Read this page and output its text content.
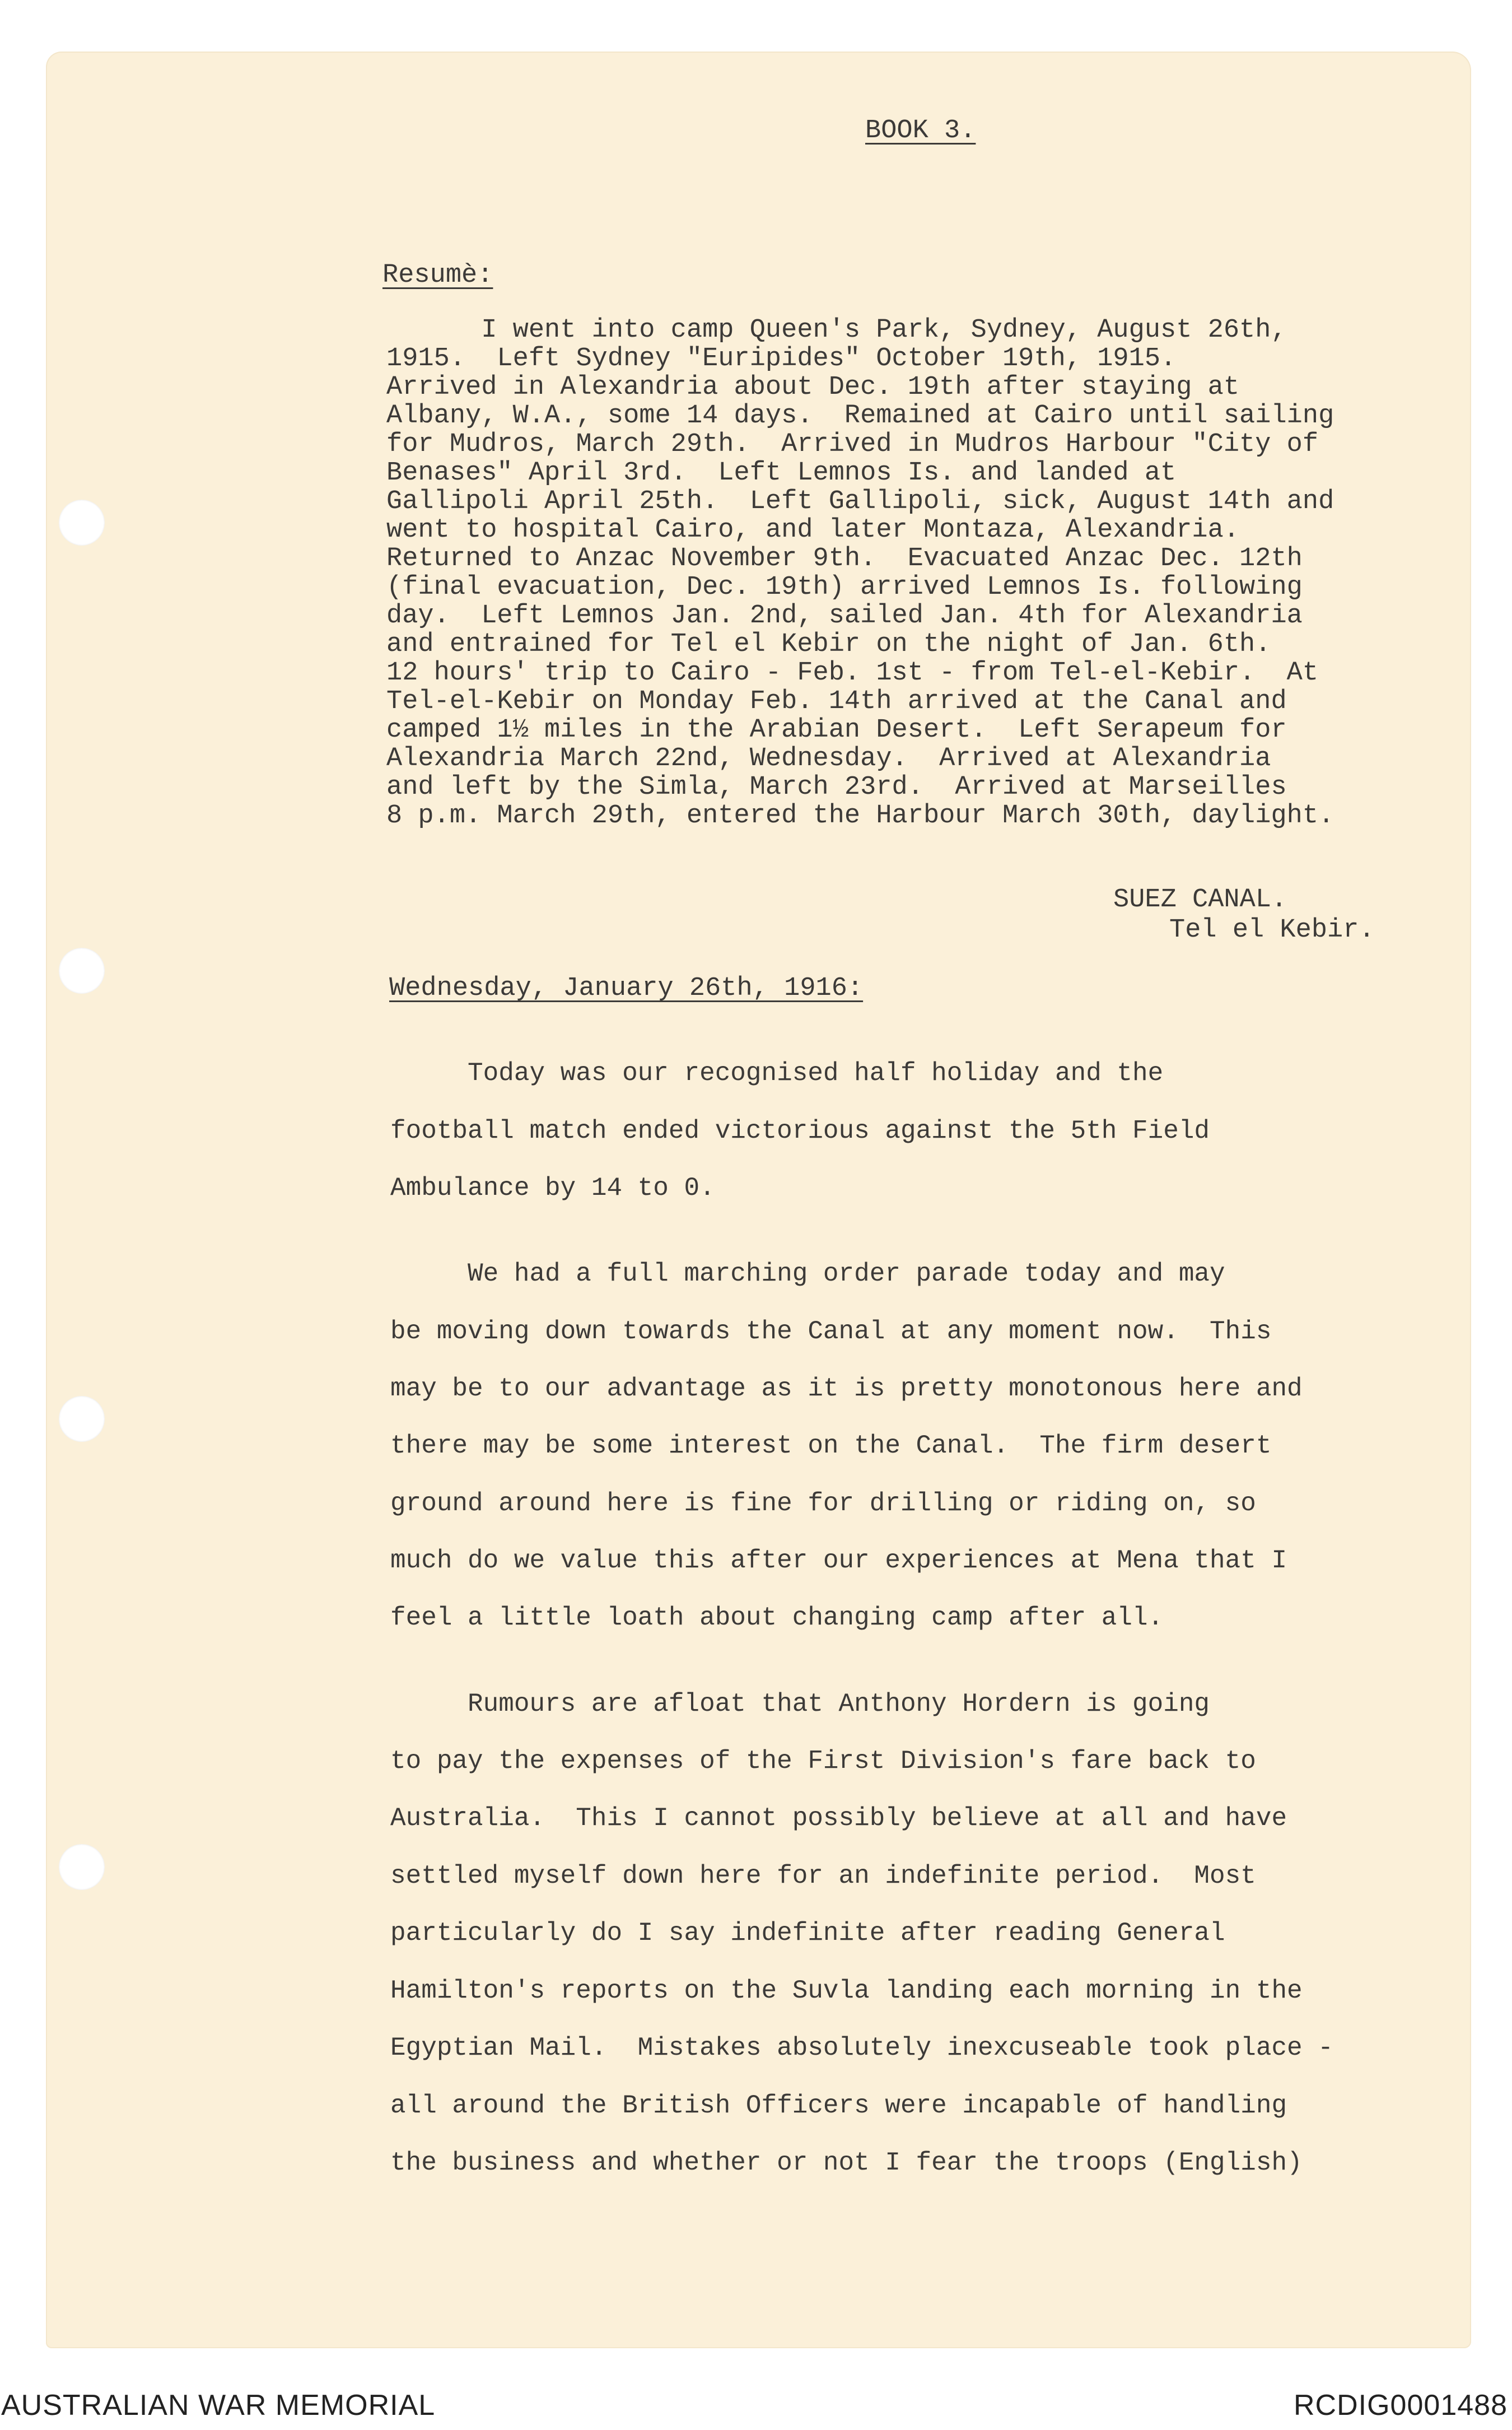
BOOK 3.
Resumè:
I went into camp Queen's Park, Sydney, August 26th,
1915.  Left Sydney "Euripides" October 19th, 1915.
Arrived in Alexandria about Dec. 19th after staying at
Albany, W.A., some 14 days.  Remained at Cairo until sailing
for Mudros, March 29th.  Arrived in Mudros Harbour "City of
Benases" April 3rd.  Left Lemnos Is. and landed at
Gallipoli April 25th.  Left Gallipoli, sick, August 14th and
went to hospital Cairo, and later Montaza, Alexandria.
Returned to Anzac November 9th.  Evacuated Anzac Dec. 12th
(final evacuation, Dec. 19th) arrived Lemnos Is. following
day.  Left Lemnos Jan. 2nd, sailed Jan. 4th for Alexandria
and entrained for Tel el Kebir on the night of Jan. 6th.
12 hours' trip to Cairo - Feb. 1st - from Tel-el-Kebir.  At
Tel-el-Kebir on Monday Feb. 14th arrived at the Canal and
camped 1½ miles in the Arabian Desert.  Left Serapeum for
Alexandria March 22nd, Wednesday.  Arrived at Alexandria
and left by the Simla, March 23rd.  Arrived at Marseilles
8 p.m. March 29th, entered the Harbour March 30th, daylight.
SUEZ CANAL.
Tel el Kebir.
Wednesday, January 26th, 1916:
Today was our recognised half holiday and the
football match ended victorious against the 5th Field
Ambulance by 14 to 0.
We had a full marching order parade today and may
be moving down towards the Canal at any moment now.  This
may be to our advantage as it is pretty monotonous here and
there may be some interest on the Canal.  The firm desert
ground around here is fine for drilling or riding on, so
much do we value this after our experiences at Mena that I
feel a little loath about changing camp after all.
Rumours are afloat that Anthony Hordern is going
to pay the expenses of the First Division's fare back to
Australia.  This I cannot possibly believe at all and have
settled myself down here for an indefinite period.  Most
particularly do I say indefinite after reading General
Hamilton's reports on the Suvla landing each morning in the
Egyptian Mail.  Mistakes absolutely inexcuseable took place -
all around the British Officers were incapable of handling
the business and whether or not I fear the troops (English)
AUSTRALIAN WAR MEMORIAL	RCDIG0001488
